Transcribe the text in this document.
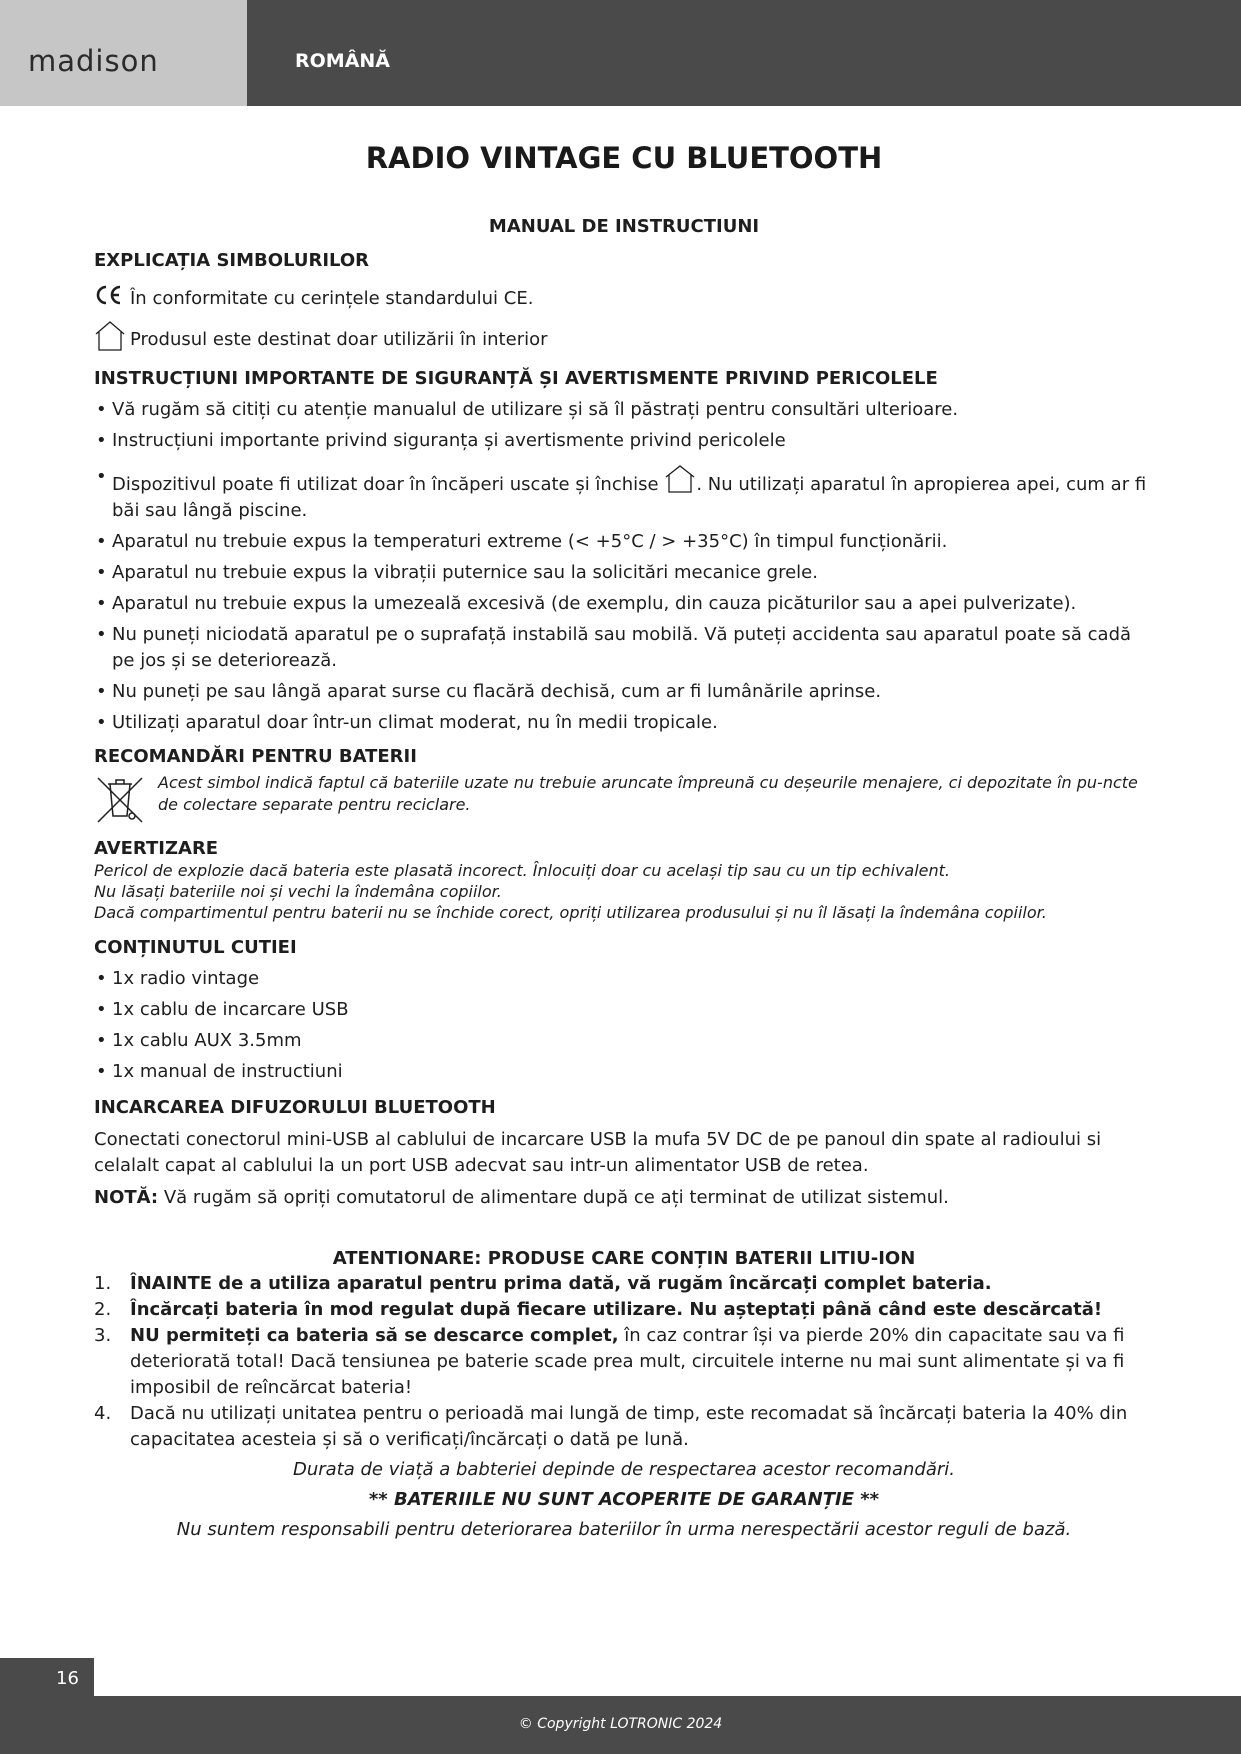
madison	ROMÂNĂ
RADIO VINTAGE CU BLUETOOTH
MANUAL DE INSTRUCTIUNI
EXPLICAȚIA SIMBOLURILOR
În conformitate cu cerințele standardului CE.
Produsul este destinat doar utilizării în interior
INSTRUCȚIUNI IMPORTANTE DE SIGURANȚĂ ȘI AVERTISMENTE PRIVIND PERICOLELE
• Vă rugăm să citiți cu atenție manualul de utilizare și să îl păstrați pentru consultări ulterioare.
• Instrucțiuni importante privind siguranța și avertismente privind pericolele
• Dispozitivul poate fi utilizat doar în încăperi uscate și închise . Nu utilizați aparatul în apropierea apei, cum ar fi băi sau lângă piscine.
• Aparatul nu trebuie expus la temperaturi extreme (< +5°C / > +35°C) în timpul funcționării.
• Aparatul nu trebuie expus la vibrații puternice sau la solicitări mecanice grele.
• Aparatul nu trebuie expus la umezeală excesivă (de exemplu, din cauza picăturilor sau a apei pulverizate).
• Nu puneți niciodată aparatul pe o suprafață instabilă sau mobilă. Vă puteți accidenta sau aparatul poate să cadă pe jos și se deteriorează.
• Nu puneți pe sau lângă aparat surse cu flacără dechisă, cum ar fi lumânările aprinse.
• Utilizați aparatul doar într-un climat moderat, nu în medii tropicale.
RECOMANDĂRI PENTRU BATERII
Acest simbol indică faptul că bateriile uzate nu trebuie aruncate împreună cu deșeurile menajere, ci depozitate în pu-ncte de colectare separate pentru reciclare.
AVERTIZARE
Pericol de explozie dacă bateria este plasată incorect. Înlocuiți doar cu același tip sau cu un tip echivalent.
Nu lăsați bateriile noi și vechi la îndemâna copiilor.
Dacă compartimentul pentru baterii nu se închide corect, opriți utilizarea produsului și nu îl lăsați la îndemâna copiilor.
CONȚINUTUL CUTIEI
• 1x radio vintage
• 1x cablu de incarcare USB
• 1x cablu AUX 3.5mm
• 1x manual de instructiuni
INCARCAREA DIFUZORULUI BLUETOOTH
Conectati conectorul mini-USB al cablului de incarcare USB la mufa 5V DC de pe panoul din spate al radioului si celalalt capat al cablului la un port USB adecvat sau intr-un alimentator USB de retea.
NOTĂ: Vă rugăm să opriți comutatorul de alimentare după ce ați terminat de utilizat sistemul.
ATENTIONARE: PRODUSE CARE CONȚIN BATERII LITIU-ION
1. ÎNAINTE de a utiliza aparatul pentru prima dată, vă rugăm încărcați complet bateria.
2. Încărcați bateria în mod regulat după fiecare utilizare. Nu așteptați până când este descărcată!
3. NU permiteți ca bateria să se descarce complet, în caz contrar își va pierde 20% din capacitate sau va fi deteriorată total! Dacă tensiunea pe baterie scade prea mult, circuitele interne nu mai sunt alimentate și va fi imposibil de reîncărcat bateria!
4. Dacă nu utilizați unitatea pentru o perioadă mai lungă de timp, este recomadat să încărcați bateria la 40% din capacitatea acesteia și să o verificați/încărcați o dată pe lună.
Durata de viață a babteriei depinde de respectarea acestor recomandări.
** BATERIILE NU SUNT ACOPERITE DE GARANȚIE **
Nu suntem responsabili pentru deteriorarea bateriilor în urma nerespectării acestor reguli de bază.
16
© Copyright LOTRONIC 2024
